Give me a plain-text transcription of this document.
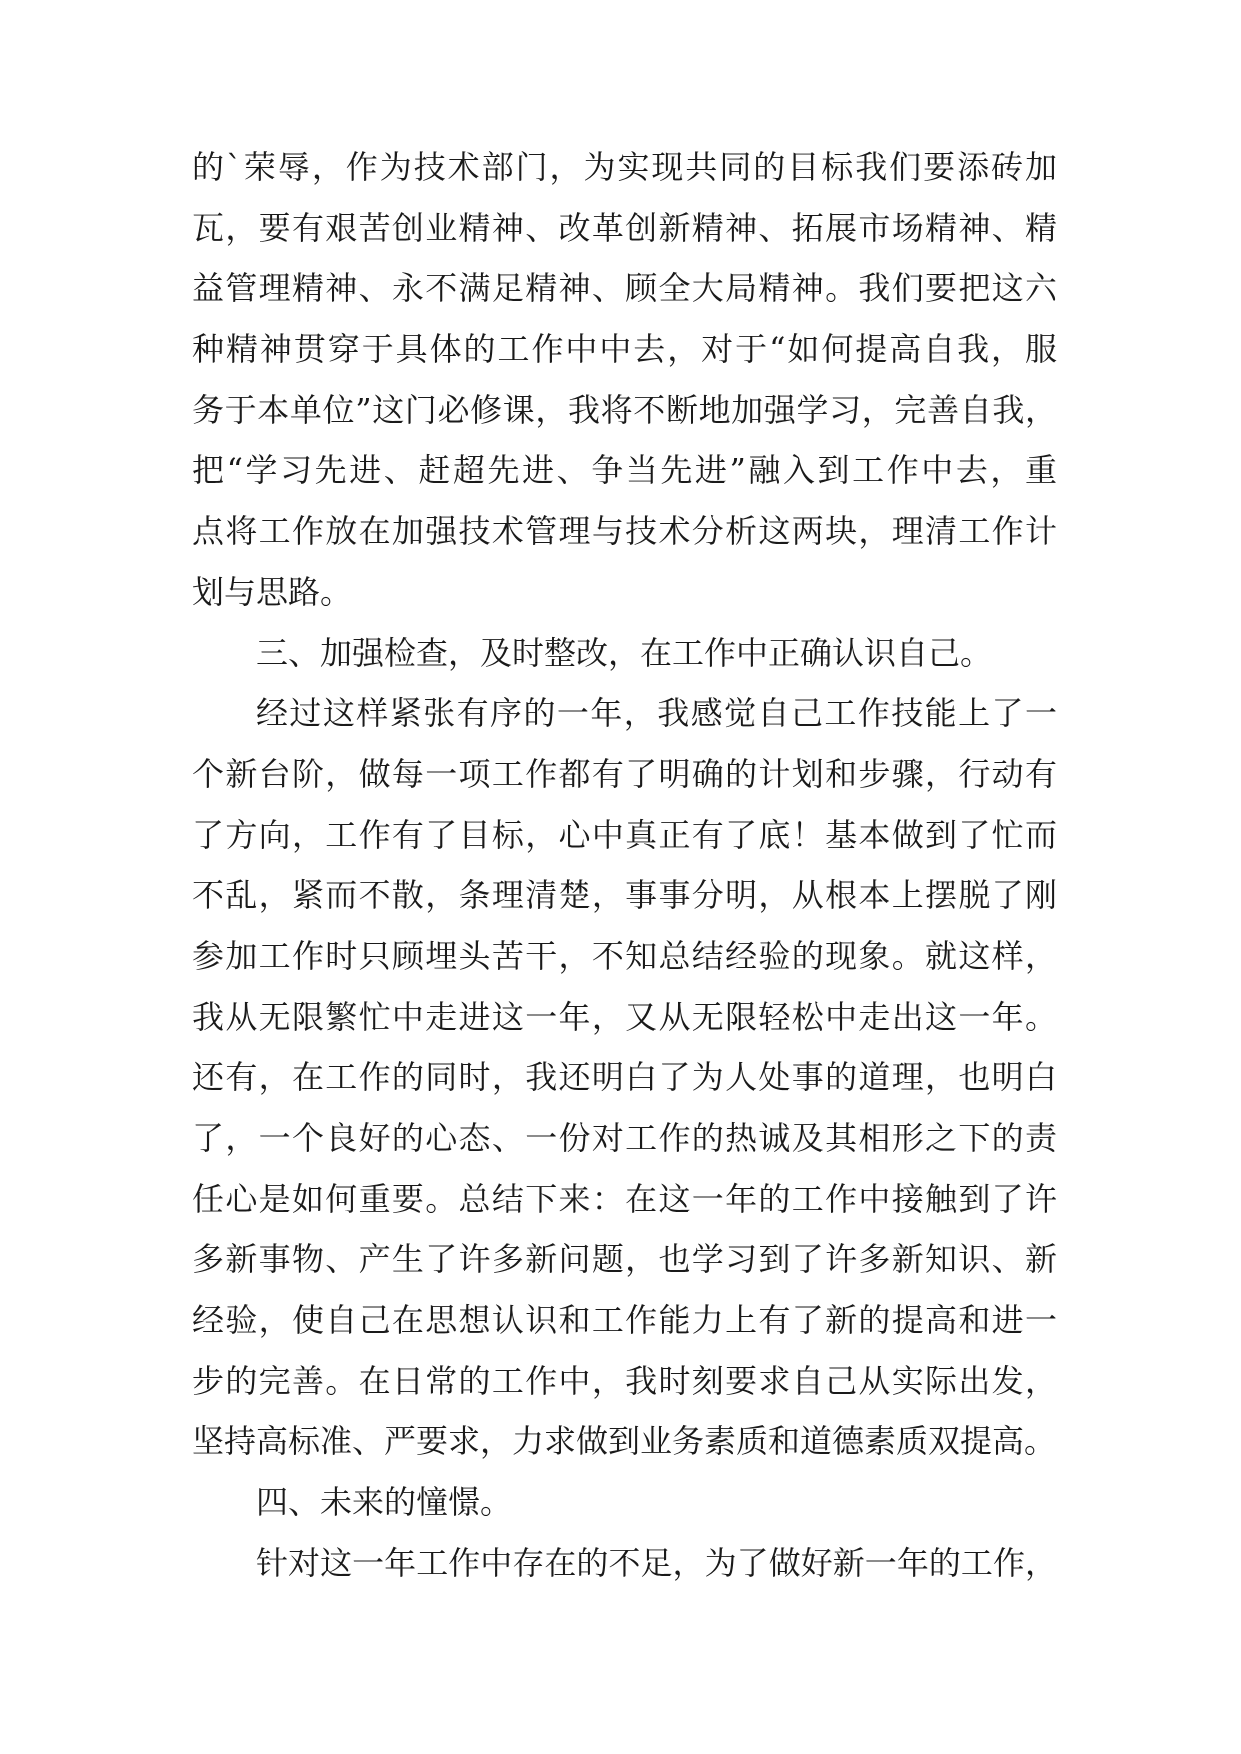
的`荣辱，作为技术部门，为实现共同的目标我们要添砖加
瓦，要有艰苦创业精神、改革创新精神、拓展市场精神、精
益管理精神、永不满足精神、顾全大局精神。我们要把这六
种精神贯穿于具体的工作中中去，对于“如何提高自我，服
务于本单位”这门必修课，我将不断地加强学习，完善自我，
把“学习先进、赶超先进、争当先进”融入到工作中去，重
点将工作放在加强技术管理与技术分析这两块，理清工作计
划与思路。
三、加强检查，及时整改，在工作中正确认识自己。
经过这样紧张有序的一年，我感觉自己工作技能上了一
个新台阶，做每一项工作都有了明确的计划和步骤，行动有
了方向，工作有了目标，心中真正有了底！基本做到了忙而
不乱，紧而不散，条理清楚，事事分明，从根本上摆脱了刚
参加工作时只顾埋头苦干，不知总结经验的现象。就这样，
我从无限繁忙中走进这一年，又从无限轻松中走出这一年。
还有，在工作的同时，我还明白了为人处事的道理，也明白
了，一个良好的心态、一份对工作的热诚及其相形之下的责
任心是如何重要。总结下来：在这一年的工作中接触到了许
多新事物、产生了许多新问题，也学习到了许多新知识、新
经验，使自己在思想认识和工作能力上有了新的提高和进一
步的完善。在日常的工作中，我时刻要求自己从实际出发，
坚持高标准、严要求，力求做到业务素质和道德素质双提高。
四、未来的憧憬。
针对这一年工作中存在的不足，为了做好新一年的工作，
